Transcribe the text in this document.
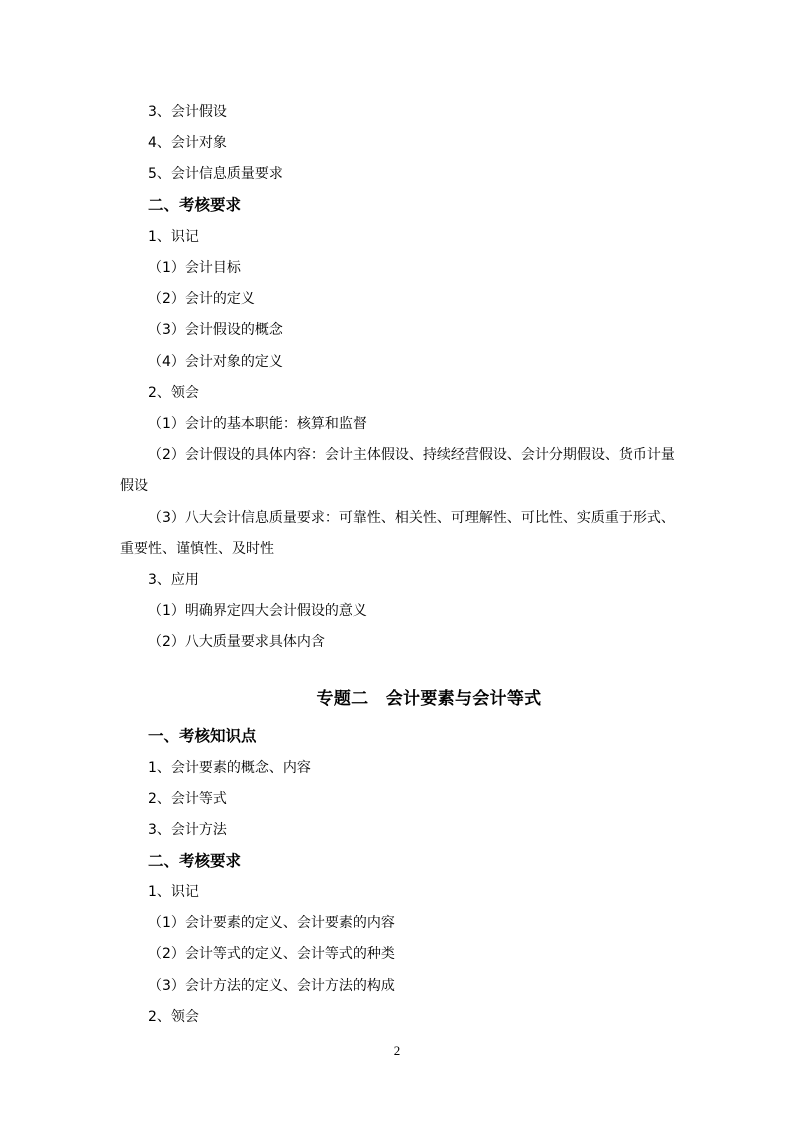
3、会计假设
4、会计对象
5、会计信息质量要求
二、考核要求
1、识记
（1）会计目标
（2）会计的定义
（3）会计假设的概念
（4）会计对象的定义
2、领会
（1）会计的基本职能：核算和监督
（2）会计假设的具体内容：会计主体假设、持续经营假设、会计分期假设、货币计量
假设
（3）八大会计信息质量要求：可靠性、相关性、可理解性、可比性、实质重于形式、
重要性、谨慎性、及时性
3、应用
（1）明确界定四大会计假设的意义
（2）八大质量要求具体内含
专题二　会计要素与会计等式
一、考核知识点
1、会计要素的概念、内容
2、会计等式
3、会计方法
二、考核要求
1、识记
（1）会计要素的定义、会计要素的内容
（2）会计等式的定义、会计等式的种类
（3）会计方法的定义、会计方法的构成
2、领会
2
